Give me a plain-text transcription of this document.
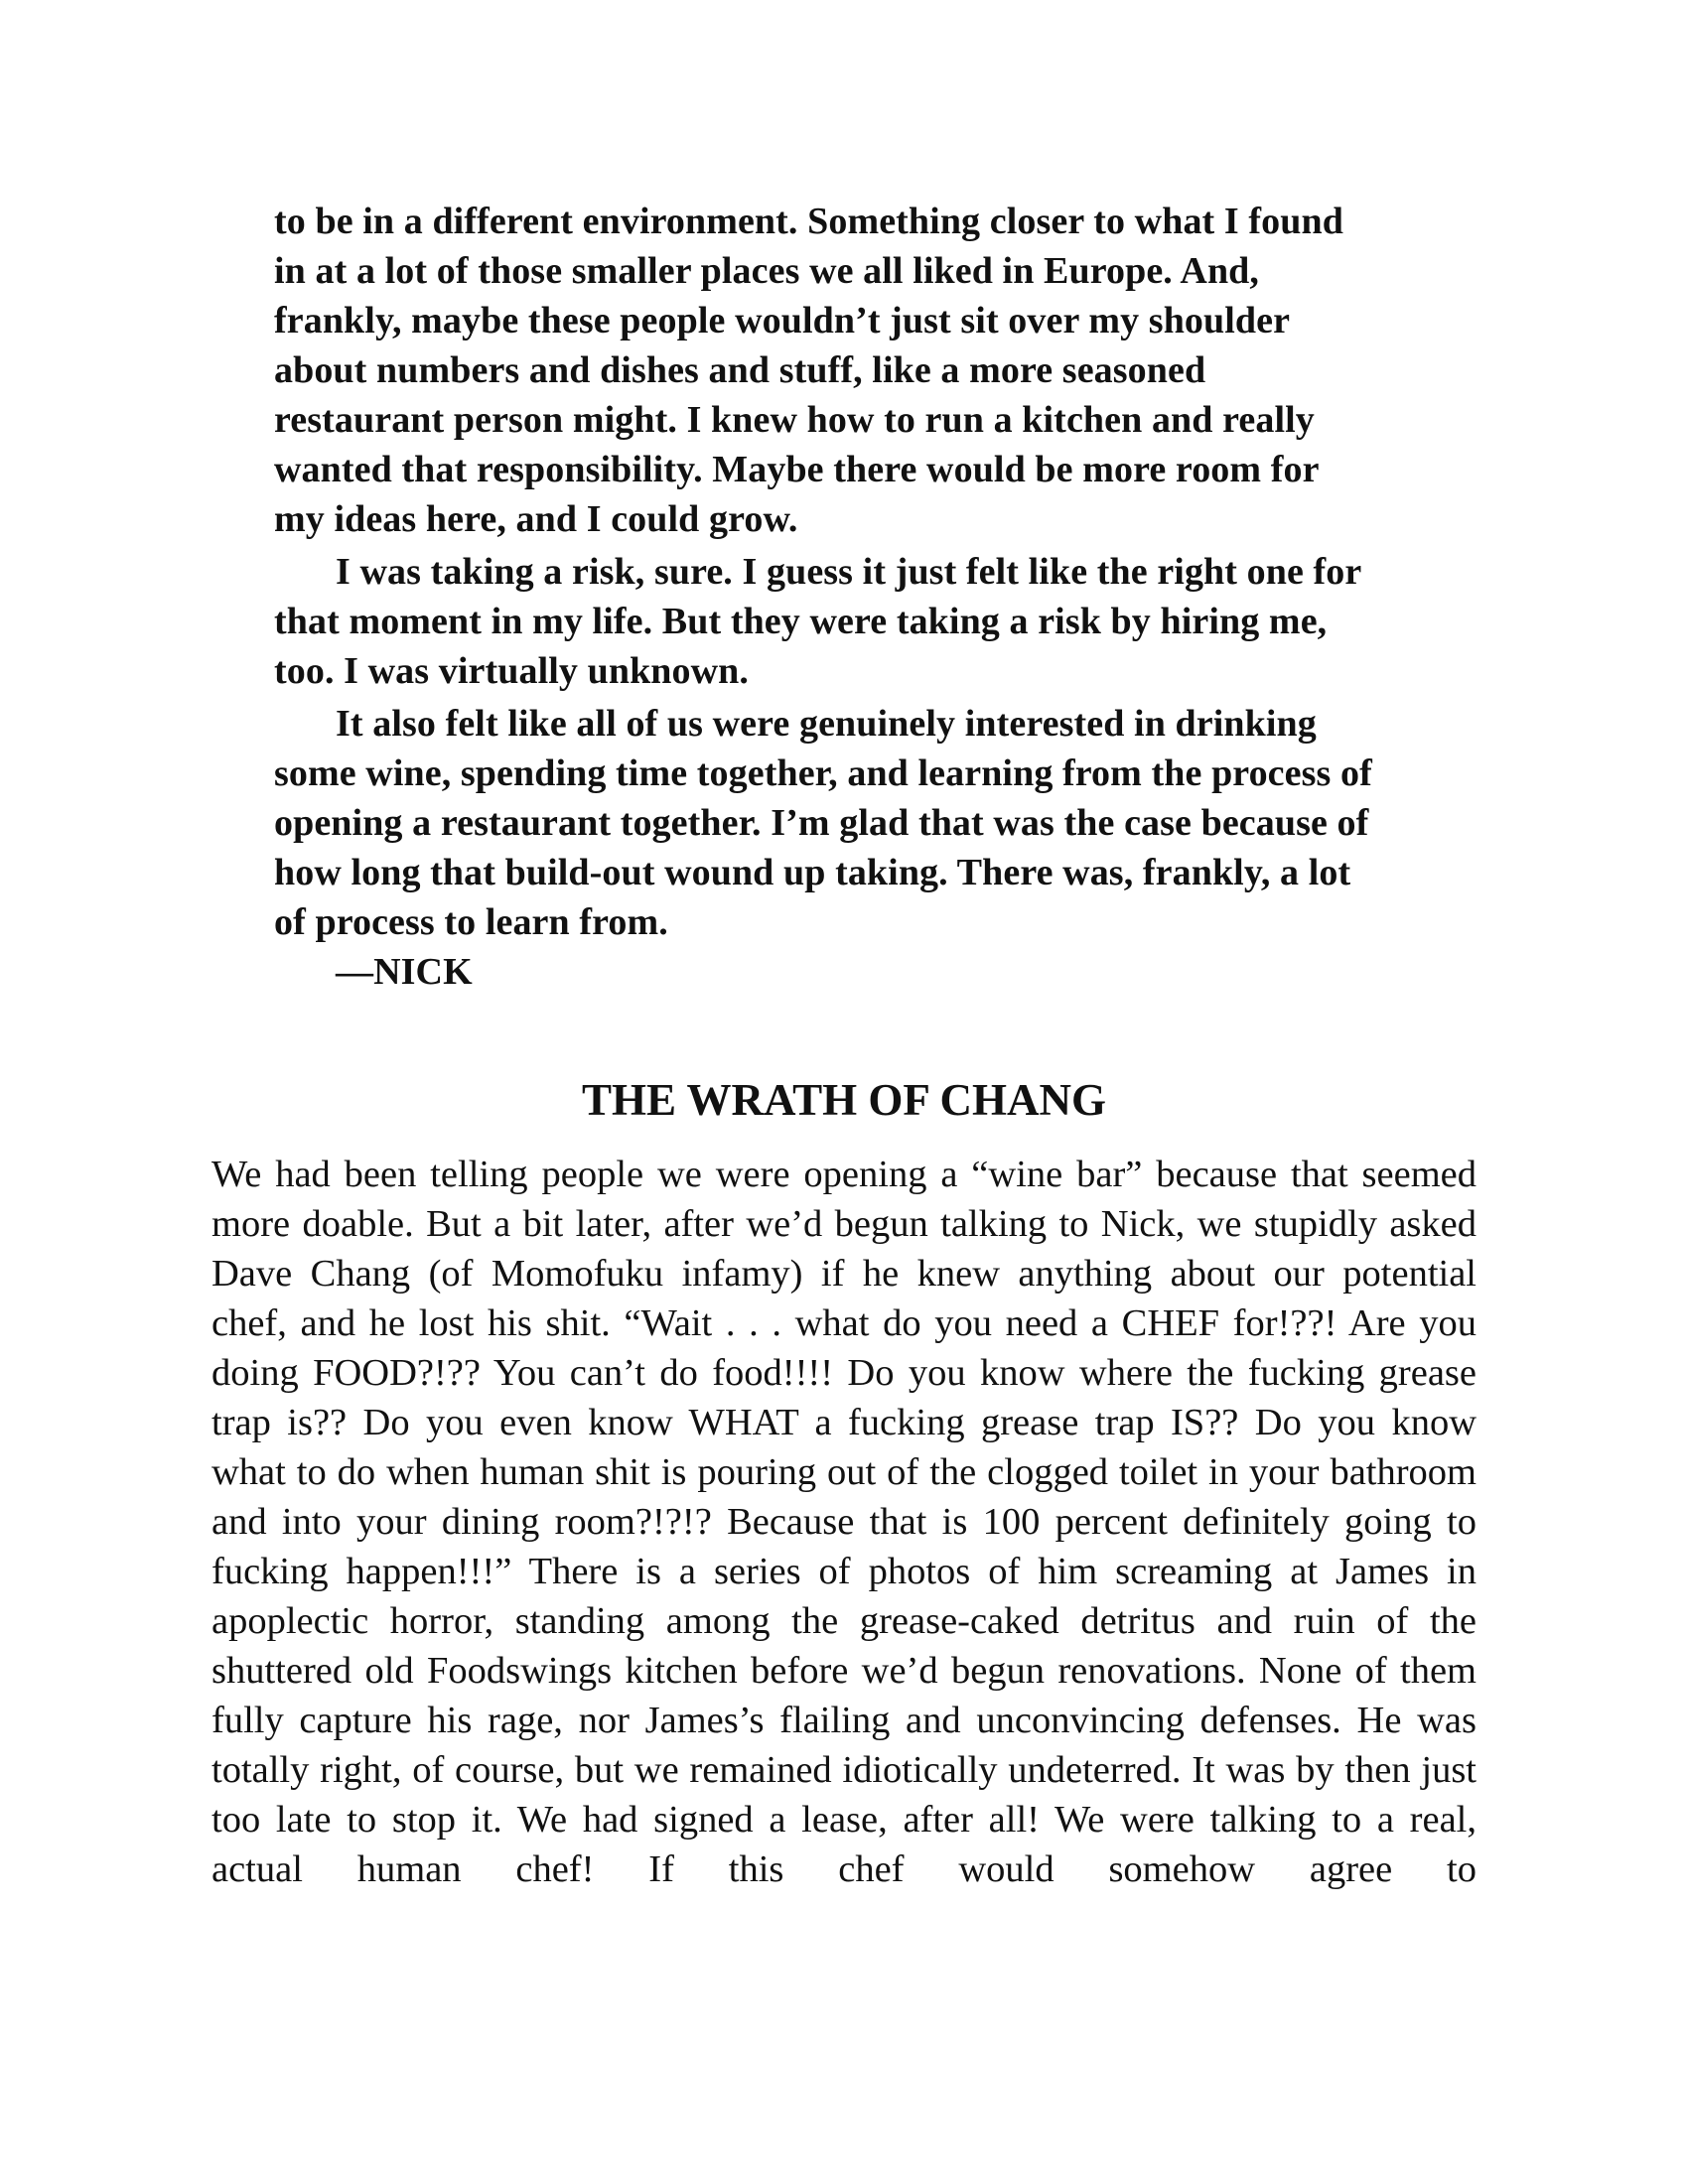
to be in a different environment. Something closer to what I found in at a lot of those smaller places we all liked in Europe. And, frankly, maybe these people wouldn’t just sit over my shoulder about numbers and dishes and stuff, like a more seasoned restaurant person might. I knew how to run a kitchen and really wanted that responsibility. Maybe there would be more room for my ideas here, and I could grow.

I was taking a risk, sure. I guess it just felt like the right one for that moment in my life. But they were taking a risk by hiring me, too. I was virtually unknown.

It also felt like all of us were genuinely interested in drinking some wine, spending time together, and learning from the process of opening a restaurant together. I’m glad that was the case because of how long that build-out wound up taking. There was, frankly, a lot of process to learn from.
—NICK

THE WRATH OF CHANG

We had been telling people we were opening a “wine bar” because that seemed more doable. But a bit later, after we’d begun talking to Nick, we stupidly asked Dave Chang (of Momofuku infamy) if he knew anything about our potential chef, and he lost his shit. “Wait . . . what do you need a CHEF for!??! Are you doing FOOD?!?? You can’t do food!!!! Do you know where the fucking grease trap is?? Do you even know WHAT a fucking grease trap IS?? Do you know what to do when human shit is pouring out of the clogged toilet in your bathroom and into your dining room?!?!? Because that is 100 percent definitely going to fucking happen!!!” There is a series of photos of him screaming at James in apoplectic horror, standing among the grease-caked detritus and ruin of the shuttered old Foodswings kitchen before we’d begun renovations. None of them fully capture his rage, nor James’s flailing and unconvincing defenses. He was totally right, of course, but we remained idiotically undeterred. It was by then just too late to stop it. We had signed a lease, after all! We were talking to a real, actual human chef! If this chef would somehow agree to
